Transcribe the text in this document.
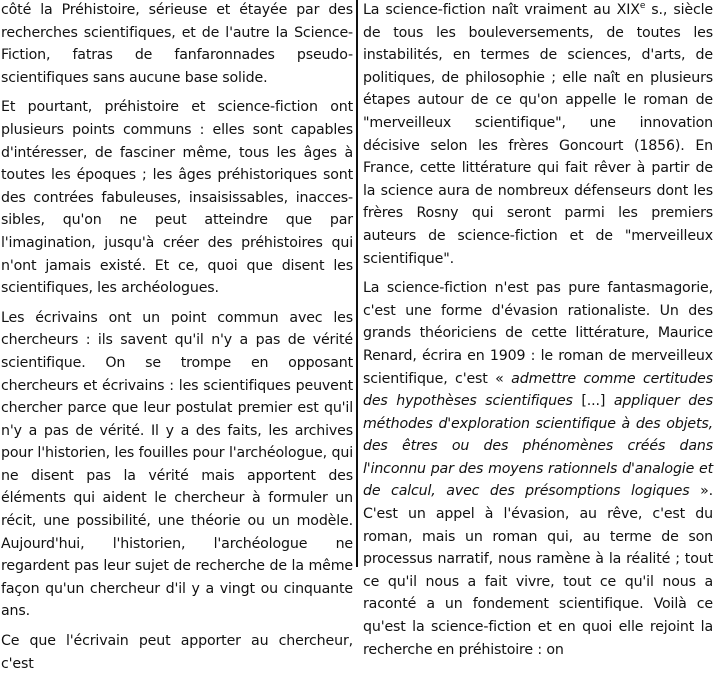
côté la Préhistoire, sérieuse et étayée par des recherches scientifiques, et de l'autre la Science-Fiction, fatras de fanfaronnades pseudo-scientifiques sans aucune base solide.

Et pourtant, préhistoire et science-fiction ont plusieurs points communs : elles sont capables d'intéresser, de fasciner même, tous les âges à toutes les époques ; les âges préhistoriques sont des contrées fabuleuses, insaisissables, inacces-sibles, qu'on ne peut atteindre que par l'imagination, jusqu'à créer des préhistoires qui n'ont jamais existé. Et ce, quoi que disent les scientifiques, les archéologues.

Les écrivains ont un point commun avec les chercheurs : ils savent qu'il n'y a pas de vérité scientifique. On se trompe en opposant chercheurs et écrivains : les scientifiques peuvent chercher parce que leur postulat premier est qu'il n'y a pas de vérité. Il y a des faits, les archives pour l'historien, les fouilles pour l'archéologue, qui ne disent pas la vérité mais apportent des éléments qui aident le chercheur à formuler un récit, une possibilité, une théorie ou un modèle. Aujourd'hui, l'historien, l'archéologue ne regardent pas leur sujet de recherche de la même façon qu'un chercheur d'il y a vingt ou cinquante ans.

Ce que l'écrivain peut apporter au chercheur, c'est

La science-fiction naît vraiment au XIXe s., siècle de tous les bouleversements, de toutes les instabilités, en termes de sciences, d'arts, de politiques, de philosophie ; elle naît en plusieurs étapes autour de ce qu'on appelle le roman de "merveilleux scientifique", une innovation décisive selon les frères Goncourt (1856). En France, cette littérature qui fait rêver à partir de la science aura de nombreux défenseurs dont les frères Rosny qui seront parmi les premiers auteurs de science-fiction et de "merveilleux scientifique".

La science-fiction n'est pas pure fantasmagorie, c'est une forme d'évasion rationaliste. Un des grands théoriciens de cette littérature, Maurice Renard, écrira en 1909 : le roman de merveilleux scientifique, c'est « admettre comme certitudes des hypothèses scientifiques [...] appliquer des méthodes d'exploration scientifique à des objets, des êtres ou des phénomènes créés dans l'inconnu par des moyens rationnels d'analogie et de calcul, avec des présomptions logiques ». C'est un appel à l'évasion, au rêve, c'est du roman, mais un roman qui, au terme de son processus narratif, nous ramène à la réalité ; tout ce qu'il nous a fait vivre, tout ce qu'il nous a raconté a un fondement scientifique. Voilà ce qu'est la science-fiction et en quoi elle rejoint la recherche en préhistoire : on
